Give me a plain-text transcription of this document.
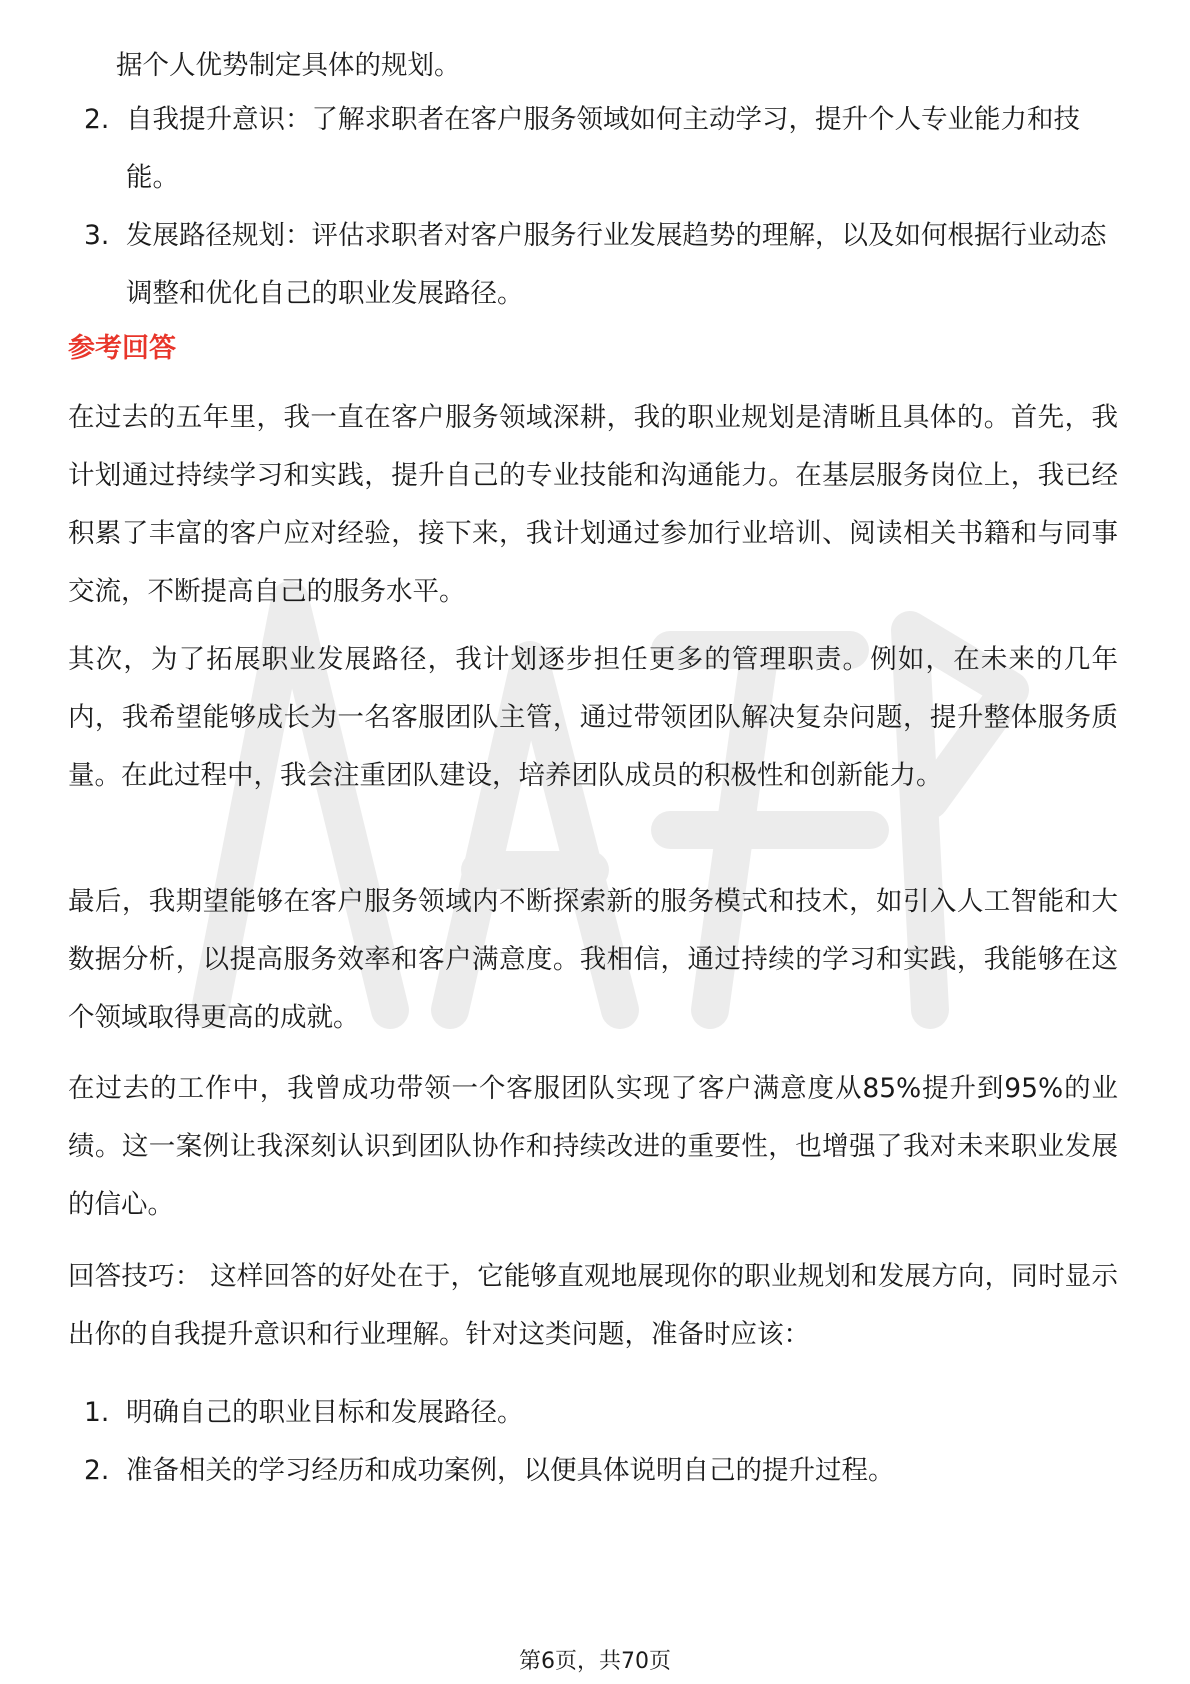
据个人优势制定具体的规划。

2. 自我提升意识：了解求职者在客户服务领域如何主动学习，提升个人专业能力和技能。
3. 发展路径规划：评估求职者对客户服务行业发展趋势的理解，以及如何根据行业动态调整和优化自己的职业发展路径。
参考回答

在过去的五年里，我一直在客户服务领域深耕，我的职业规划是清晰且具体的。首先，我计划通过持续学习和实践，提升自己的专业技能和沟通能力。在基层服务岗位上，我已经积累了丰富的客户应对经验，接下来，我计划通过参加行业培训、阅读相关书籍和与同事交流，不断提高自己的服务水平。

其次，为了拓展职业发展路径，我计划逐步担任更多的管理职责。例如，在未来的几年内，我希望能够成长为一名客服团队主管，通过带领团队解决复杂问题，提升整体服务质量。在此过程中，我会注重团队建设，培养团队成员的积极性和创新能力。

最后，我期望能够在客户服务领域内不断探索新的服务模式和技术，如引入人工智能和大数据分析，以提高服务效率和客户满意度。我相信，通过持续的学习和实践，我能够在这个领域取得更高的成就。

在过去的工作中，我曾成功带领一个客服团队实现了客户满意度从85%提升到95%的业绩。这一案例让我深刻认识到团队协作和持续改进的重要性，也增强了我对未来职业发展的信心。

回答技巧： 这样回答的好处在于，它能够直观地展现你的职业规划和发展方向，同时显示出你的自我提升意识和行业理解。针对这类问题，准备时应该：

1. 明确自己的职业目标和发展路径。
2. 准备相关的学习经历和成功案例，以便具体说明自己的提升过程。
第6页，共70页
